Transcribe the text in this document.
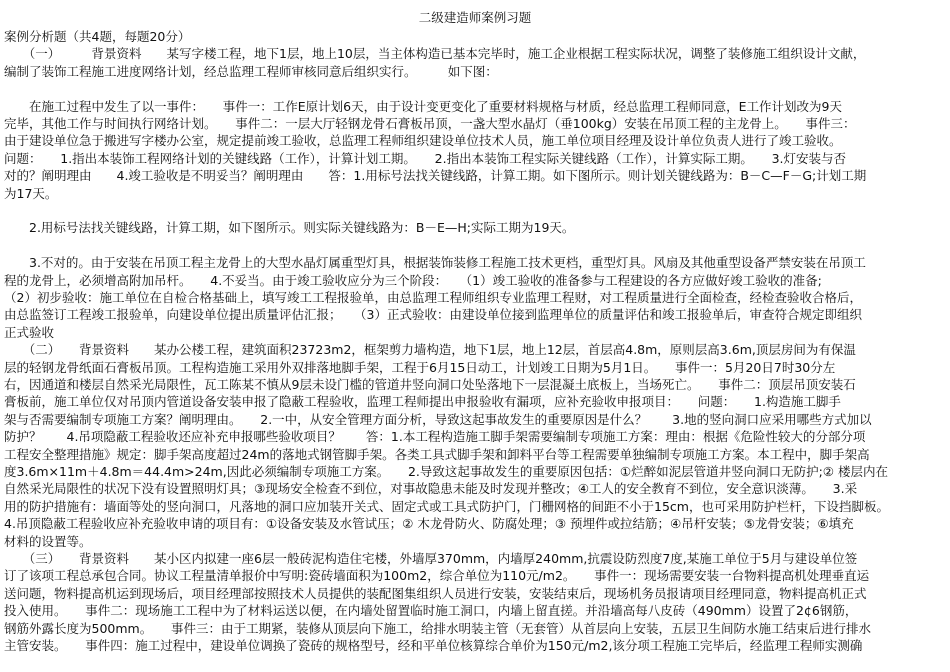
二级建造师案例习题
案例分析题（共4题，每题20分）
　　（一）　　　背景资料　　某写字楼工程，地下1层，地上10层，当主体构造已基本完毕时，施工企业根据工程实际状况，调整了装修施工组织设计文献，
编制了装饰工程施工进度网络计划，经总监理工程师审核同意后组织实行。　　　如下图：
　　在施工过程中发生了以一事件：　　事件一：工作E原计划6天，由于设计变更变化了重要材料规格与材质，经总监理工程师同意，E工作计划改为9天
完毕，其他工作与时间执行网络计划。　　事件二：一层大厅轻钢龙骨石膏板吊顶，一盏大型水晶灯（垂100kg）安装在吊顶工程的主龙骨上。　　事件三：
由于建设单位急于搬进写字楼办公室，规定提前竣工验收，总监理工程师组织建设单位技术人员，施工单位项目经理及设计单位负责人进行了竣工验收。
问题：　　1.指出本装饰工程网络计划的关键线路（工作），计算计划工期。　　2.指出本装饰工程实际关键线路（工作），计算实际工期。　　3.灯安装与否
对的？阐明理由　　4.竣工验收是不明妥当？阐明理由　　答：1.用标号法找关键线路，计算工期。如下图所示。则计划关键线路为：B－C—F－G;计划工期
为17天。
　　2.用标号法找关键线路，计算工期，如下图所示。则实际关键线路为：B－E—H;实际工期为19天。
　　3.不对的。由于安装在吊顶工程主龙骨上的大型水晶灯属重型灯具，根据装饰装修工程施工技术更档，重型灯具。风扇及其他重型设备严禁安装在吊顶工
程的龙骨上，必须增高附加吊杆。　　4.不妥当。由于竣工验收应分为三个阶段：　　（1）竣工验收的准备参与工程建设的各方应做好竣工验收的准备;
（2）初步验收：施工单位在自检合格基础上，填写竣工工程报验单，由总监理工程师组织专业监理工程财，对工程质量进行全面检查，经检查验收合格后，
由总监签订工程竣工报验单，向建设单位提出质量评估汇报；　　（3）正式验收：由建设单位接到监理单位的质量评估和竣工报验单后，审查符合规定即组织
正式验收
　　（二）　　背景资料　　某办公楼工程，建筑面积23723m2，框架剪力墙构造，地下1层，地上12层，首层高4.8m，原则层高3.6m,顶层房间为有保温
层的轻钢龙骨纸面石膏板吊顶。工程构造施工采用外双排落地脚手架，工程于6月15日动工，计划竣工日期为5月1日。　　事件一：5月20日7时30分左
右，因通道和楼层自然采光局限性，瓦工陈某不慎从9层未设门槛的管道井竖向洞口处坠落地下一层混凝土底板上，当场死亡。　　事件二：顶层吊顶安装石
膏板前，施工单位仅对吊顶内管道设备安装申报了隐蔽工程验收，监理工程师提出申报验收有漏项，应补充验收申报项目：　　问题：　　1.构造施工脚手
架与否需要编制专项施工方案？阐明理由。　　2.一中，从安全管理方面分析，导致这起事故发生的重要原因是什么？　　3.地的竖向洞口应采用哪些方式加以
防护？　　4.吊项隐蔽工程验收还应补充申报哪些验收项目？　　答：1.本工程构造施工脚手架需要编制专项施工方案：理由：根据《危险性较大的分部分项
工程安全整理措施》规定：脚手架高度超过24m的落地式钢管脚手架。各类工具式脚手架和卸料平台等工程需要单独编制专项施工方案。本工程中，脚手架高
度3.6m×11m＋4.8m＝44.4m>24m,因此必须编制专项施工方案。　　2.导致这起事故发生的重要原因包括：①烂醉如泥层管道井竖向洞口无防护;② 楼层内在
自然采光局限性的状况下没有设置照明灯具；③现场安全检查不到位，对事故隐患未能及时发现并整改；④工人的安全教育不到位，安全意识淡薄。　　3.采
用的防护措施有：墙面等处的竖向洞口，凡落地的洞口应加装开关式、固定式或工具式防护门，门栅网格的间距不小于15cm，也可采用防护栏杆，下设挡脚板。
4.吊顶隐蔽工程验收应补充验收申请的项目有：①设备安装及水管试压；② 木龙骨防火、防腐处理；③ 预埋件或拉结筋；④吊杆安装；⑤龙骨安装；⑥填充
材料的设置等。
　　（三）　　背景资料　　某小区内拟建一座6层一般砖泥构造住宅楼，外墙厚370mm，内墙厚240mm,抗震设防烈度7度,某施工单位于5月与建设单位签
订了该项工程总承包合同。协议工程量清单报价中写明:瓷砖墙面积为100m2，综合单位为110元/m2。　　事件一：现场需要安装一台物料提高机处理垂直运
送问题，物料提高机运到现场后，项目经理部按照技术人员提供的装配图集组织人员进行安装，安装结束后，现场机务员报请项目经理同意，物料提高机正式
投入使用。　　事件二：现场施工工程中为了材料运送以便，在内墙处留置临时施工洞口，内墙上留直搓。并沿墙高每八皮砖（490mm）设置了2¢6钢筋，
钢筋外露长度为500mm。　　事件三：由于工期紧，装修从顶层向下施工，给排水明装主管（无套管）从首层向上安装，五层卫生间防水施工结束后进行排水
主管安装。　　事件四：施工过程中，建设单位调换了瓷砖的规格型号，经和平单位核算综合单价为150元/m2,该分项工程施工完毕后，经监理工程师实测确
